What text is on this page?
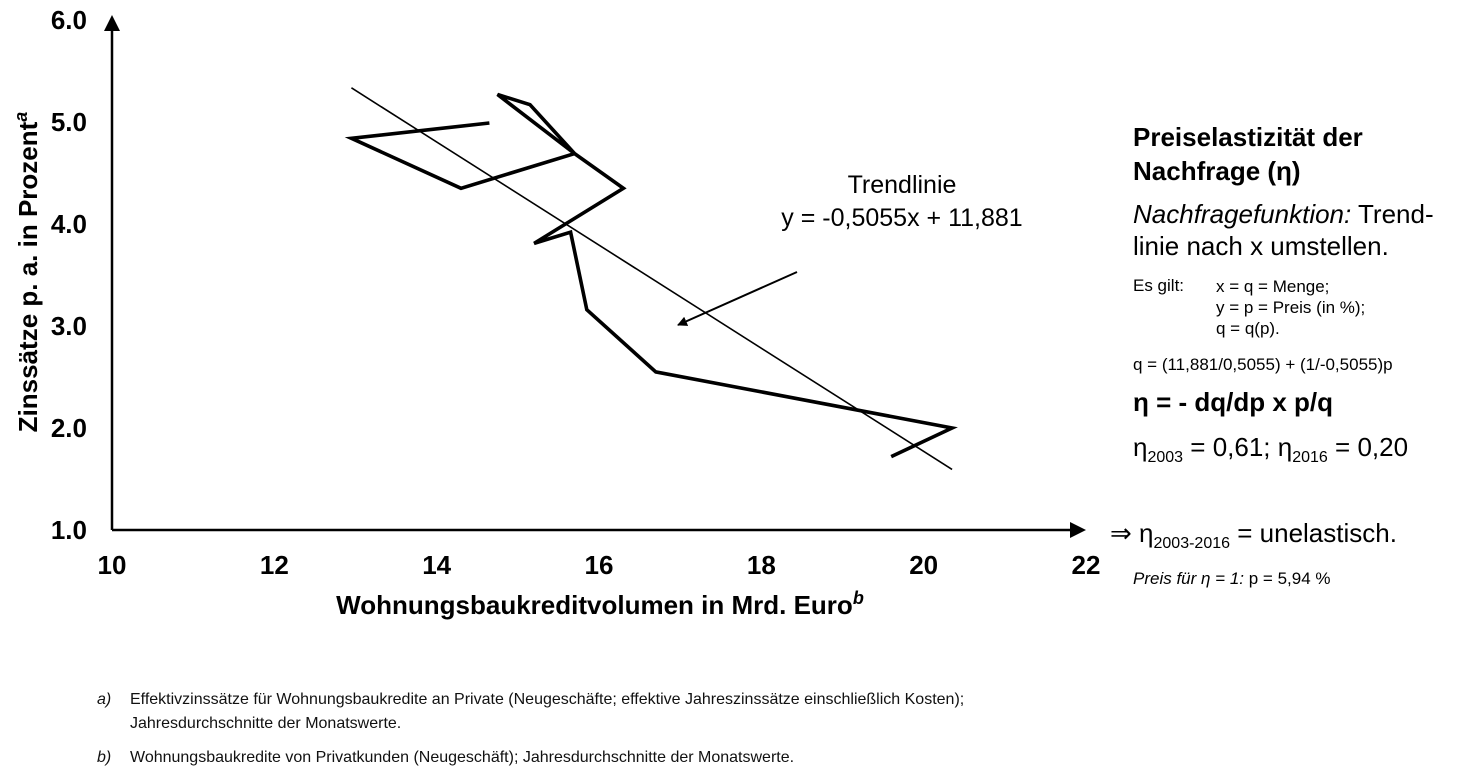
10	12	14	16	18	20	22
1.0
2.0
3.0
4.0
5.0
6.0
Wohnungsbaukreditvolumen in Mrd. Euro$^b$
Zinssätze p. a. in Prozent$^a$
Trendlinie
y = -0,5055x + 11,881
Preiselastizität der
Nachfrage (η)
Nachfragefunktion: Trend-
linie nach x umstellen.
Es gilt: x = q = Menge;
y = p = Preis (in %);
q = q(p).
q = (11,881/0,5055) + (1/-0,5055)p
η = - dq/dp x p/q
$\eta_{2003} = 0,61$; $\eta_{2016} = 0,20$
⇒ $\eta_{2003-2016}$ = unelastisch.
Preis für η = 1: p = 5,94 %
a) Effektivzinssätze für Wohnungsbaukredite an Private (Neugeschäfte; effektive Jahreszinssätze einschließlich Kosten);
Jahresdurchschnitte der Monatswerte.
b) Wohnungsbaukredite von Privatkunden (Neugeschäft); Jahresdurchschnitte der Monatswerte.
